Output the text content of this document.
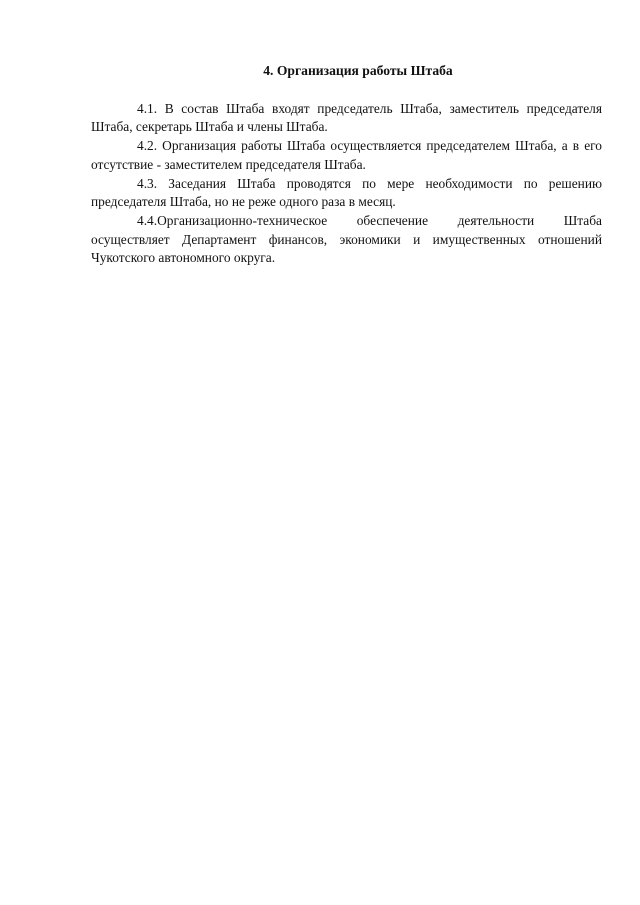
4. Организация работы Штаба

4.1. В состав Штаба входят председатель Штаба, заместитель председателя Штаба, секретарь Штаба и члены Штаба.

4.2. Организация работы Штаба осуществляется председателем Штаба, а в его отсутствие - заместителем председателя Штаба.

4.3. Заседания Штаба проводятся по мере необходимости по решению председателя Штаба, но не реже одного раза в месяц.

4.4.Организационно-техническое обеспечение деятельности Штаба осуществляет Департамент финансов, экономики и имущественных отношений Чукотского автономного округа.
